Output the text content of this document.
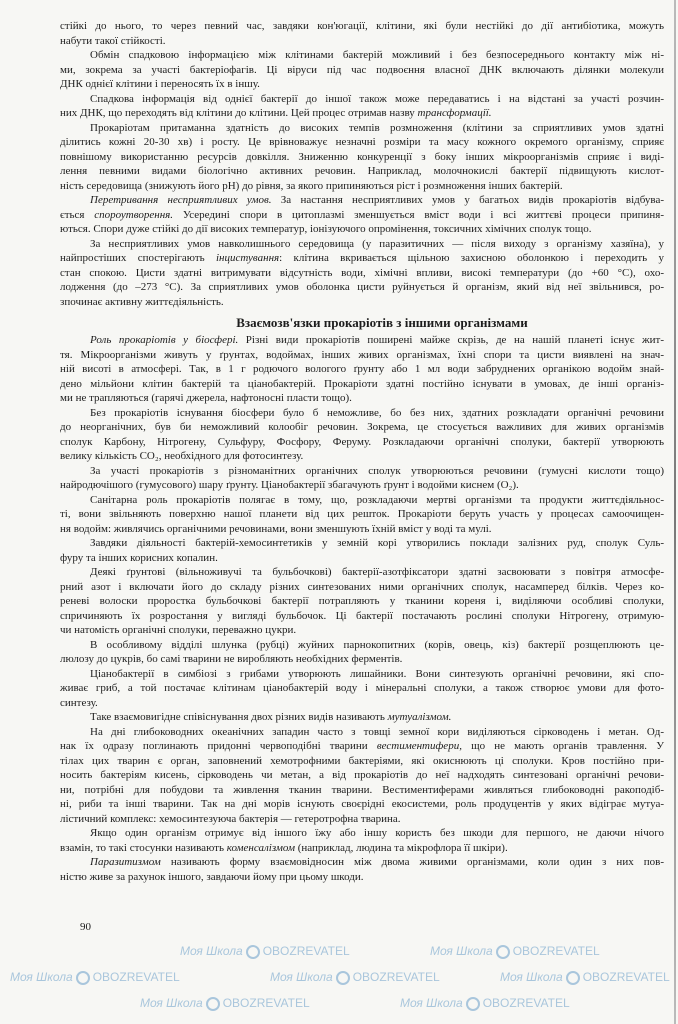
Моя Школа OBOZREVATEL	Моя Школа OBOZREVATEL
Моя Школа OBOZREVATEL	Моя Школа OBOZREVATEL	Моя Школа OBOZREVATEL
Моя Школа OBOZREVATEL	Моя Школа OBOZREVATEL
стійкі до нього, то через певний час, завдяки кон'югації, клітини, які були нестійкі до дії антибіотика, можуть
набути такої стійкості.
Обмін спадковою інформацією між клітинами бактерій можливий і без безпосереднього контакту між ні-
ми, зокрема за участі бактеріофагів. Ці віруси під час подвоєння власної ДНК включають ділянки молекули
ДНК однієї клітини і переносять їх в іншу.
Спадкова інформація від однієї бактерії до іншої також може передаватись і на відстані за участі розчин-
них ДНК, що переходять від клітини до клітини. Цей процес отримав назву трансформації.
Прокаріотам притаманна здатність до високих темпів розмноження (клітини за сприятливих умов здатні
ділитись кожні 20-30 хв) і росту. Це врівноважує незначні розміри та масу кожного окремого організму, сприяє
повнішому використанню ресурсів довкілля. Зниженню конкуренції з боку інших мікроорганізмів сприяє і виді-
лення певними видами біологічно активних речовин. Наприклад, молочнокислі бактерії підвищують кислот-
ність середовища (знижують його pH) до рівня, за якого припиняються ріст і розмноження інших бактерій.
Перетривання несприятливих умов. За настання несприятливих умов у багатьох видів прокаріотів відбува-
ється спороутворення. Усередині спори в цитоплазмі зменшується вміст води і всі життєві процеси припиня-
ються. Спори дуже стійкі до дії високих температур, іонізуючого опромінення, токсичних хімічних сполук тощо.
За несприятливих умов навколишнього середовища (у паразитичних — після виходу з організму хазяїна), у
найпростіших спостерігають інцистування: клітина вкривається щільною захисною оболонкою і переходить у
стан спокою. Цисти здатні витримувати відсутність води, хімічні впливи, високі температури (до +60 °C), охо-
лодження (до –273 °C). За сприятливих умов оболонка цисти руйнується й організм, який від неї звільнився, ро-
зпочинає активну життєдіяльність.
Взаємозв'язки прокаріотів з іншими організмами
Роль прокаріотів у біосфері. Різні види прокаріотів поширені майже скрізь, де на нашій планеті існує жит-
тя. Мікроорганізми живуть у ґрунтах, водоймах, інших живих організмах, їхні спори та цисти виявлені на знач-
ній висоті в атмосфері. Так, в 1 г родючого вологого ґрунту або 1 мл води забруднених органікою водойм знай-
дено мільйони клітин бактерій та ціанобактерій. Прокаріоти здатні постійно існувати в умовах, де інші організ-
ми не трапляються (гарячі джерела, нафтоносні пласти тощо).
Без прокаріотів існування біосфери було б неможливе, бо без них, здатних розкладати органічні речовини
до неорганічних, був би неможливий колообіг речовин. Зокрема, це стосується важливих для живих організмів
сполук Карбону, Нітрогену, Сульфуру, Фосфору, Феруму. Розкладаючи органічні сполуки, бактерії утворюють
велику кількість CO₂, необхідного для фотосинтезу.
За участі прокаріотів з різноманітних органічних сполук утворюються речовини (гумусні кислоти тощо)
найродючішого (гумусового) шару ґрунту. Ціанобактерії збагачують ґрунт і водойми киснем (O₂).
Санітарна роль прокаріотів полягає в тому, що, розкладаючи мертві організми та продукти життєдіяльнос-
ті, вони звільняють поверхню нашої планети від цих решток. Прокаріоти беруть участь у процесах самоочищен-
ня водойм: живлячись органічними речовинами, вони зменшують їхній вміст у воді та мулі.
Завдяки діяльності бактерій-хемосинтетиків у земній корі утворились поклади залізних руд, сполук Суль-
фуру та інших корисних копалин.
Деякі ґрунтові (вільноживучі та бульбочкові) бактерії-азотфіксатори здатні засвоювати з повітря атмосфе-
рний азот і включати його до складу різних синтезованих ними органічних сполук, насамперед білків. Через ко-
реневі волоски проростка бульбочкові бактерії потрапляють у тканини кореня і, виділяючи особливі сполуки,
спричиняють їх розростання у вигляді бульбочок. Ці бактерії постачають рослині сполуки Нітрогену, отримую-
чи натомість органічні сполуки, переважно цукри.
В особливому відділі шлунка (рубці) жуйних парнокопитних (корів, овець, кіз) бактерії розщеплюють це-
люлозу до цукрів, бо самі тварини не виробляють необхідних ферментів.
Ціанобактерії в симбіозі з грибами утворюють лишайники. Вони синтезують органічні речовини, які спо-
живає гриб, а той постачає клітинам ціанобактерій воду і мінеральні сполуки, а також створює умови для фото-
синтезу.
Таке взаємовигідне співіснування двох різних видів називають мутуалізмом.
На дні глибоководних океанічних западин часто з товщі земної кори виділяються сірководень і метан. Од-
нак їх одразу поглинають придонні червоподібні тварини вестиментифери, що не мають органів травлення. У
тілах цих тварин є орган, заповнений хемотрофними бактеріями, які окиснюють ці сполуки. Кров постійно при-
носить бактеріям кисень, сірководень чи метан, а від прокаріотів до неї надходять синтезовані органічні речови-
ни, потрібні для побудови та живлення тканин тварини. Вестиментиферами живляться глибоководні ракоподіб-
ні, риби та інші тварини. Так на дні морів існують своєрідні екосистеми, роль продуцентів у яких відіграє мутуа-
лістичний комплекс: хемосинтезуюча бактерія — гетеротрофна тварина.
Якщо один організм отримує від іншого їжу або іншу користь без шкоди для першого, не даючи нічого
взамін, то такі стосунки називають коменсалізмом (наприклад, людина та мікрофлора її шкіри).
Паразитизмом називають форму взаємовідносин між двома живими організмами, коли один з них пов-
ністю живе за рахунок іншого, завдаючи йому при цьому шкоди.
90
